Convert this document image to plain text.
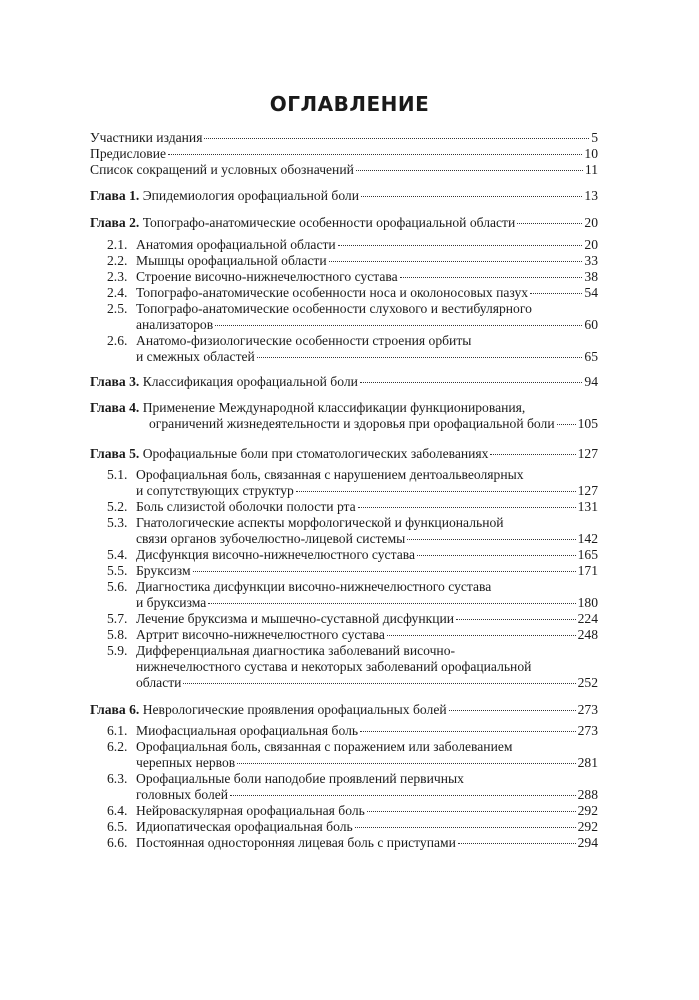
ОГЛАВЛЕНИЕ
Участники издания	5
Предисловие	10
Список сокращений и условных обозначений	11
Глава 1. Эпидемиология орофациальной боли	13
Глава 2. Топографо-анатомические особенности орофациальной области	20
2.1. Анатомия орофациальной области	20
2.2. Мышцы орофациальной области	33
2.3. Строение височно-нижнечелюстного сустава	38
2.4. Топографо-анатомические особенности носа и околоносовых пазух	54
2.5. Топографо-анатомические особенности слухового и вестибулярного
анализаторов	60
2.6. Анатомо-физиологические особенности строения орбиты
и смежных областей	65
Глава 3. Классификация орофациальной боли	94
Глава 4. Применение Международной классификации функционирования,
ограничений жизнедеятельности и здоровья при орофациальной боли 105
Глава 5. Орофациальные боли при стоматологических заболеваниях	127
5.1. Орофациальная боль, связанная с нарушением дентоальвеолярных
и сопутствующих структур	127
5.2. Боль слизистой оболочки полости рта	131
5.3. Гнатологические аспекты морфологической и функциональной
связи органов зубочелюстно-лицевой системы	142
5.4. Дисфункция височно-нижнечелюстного сустава	165
5.5. Бруксизм	171
5.6. Диагностика дисфункции височно-нижнечелюстного сустава
и бруксизма	180
5.7. Лечение бруксизма и мышечно-суставной дисфункции	224
5.8. Артрит височно-нижнечелюстного сустава	248
5.9. Дифференциальная диагностика заболеваний височно-
нижнечелюстного сустава и некоторых заболеваний орофациальной
области	252
Глава 6. Неврологические проявления орофациальных болей	273
6.1. Миофасциальная орофациальная боль	273
6.2. Орофациальная боль, связанная с поражением или заболеванием
черепных нервов	281
6.3. Орофациальные боли наподобие проявлений первичных
головных болей	288
6.4. Нейроваскулярная орофациальная боль	292
6.5. Идиопатическая орофациальная боль	292
6.6. Постоянная односторонняя лицевая боль с приступами	294
